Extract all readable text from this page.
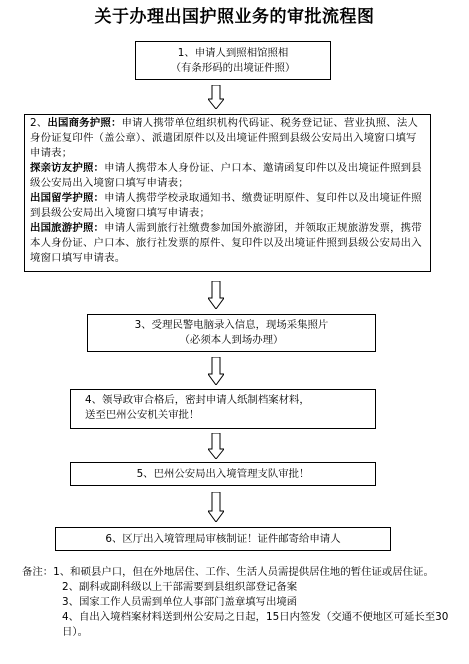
关于办理出国护照业务的审批流程图
1、申请人到照相馆照相
（有条形码的出境证件照）
2、出国商务护照：申请人携带单位组织机构代码证、税务登记证、营业执照、法人身份证复印件（盖公章）、派遣团原件以及出境证件照到县级公安局出入境窗口填写申请表；
探亲访友护照：申请人携带本人身份证、户口本、邀请函复印件以及出境证件照到县级公安局出入境窗口填写申请表；
出国留学护照：申请人携带学校录取通知书、缴费证明原件、复印件以及出境证件照到县级公安局出入境窗口填写申请表；
出国旅游护照：申请人需到旅行社缴费参加国外旅游团，并领取正规旅游发票，携带本人身份证、户口本、旅行社发票的原件、复印件以及出境证件照到县级公安局出入境窗口填写申请表。
3、受理民警电脑录入信息，现场采集照片
（必须本人到场办理）
4、领导政审合格后，密封申请人纸制档案材料，
送至巴州公安机关审批！
5、巴州公安局出入境管理支队审批！
6、区厅出入境管理局审核制证！证件邮寄给申请人
备注：1、和硕县户口，但在外地居住、工作、生活人员需提供居住地的暂住证或居住证。
2、副科或副科级以上干部需要到县组织部登记备案
3、国家工作人员需到单位人事部门盖章填写出境函
4、自出入境档案材料送到州公安局之日起，15日内签发（交通不便地区可延长至30日）。
